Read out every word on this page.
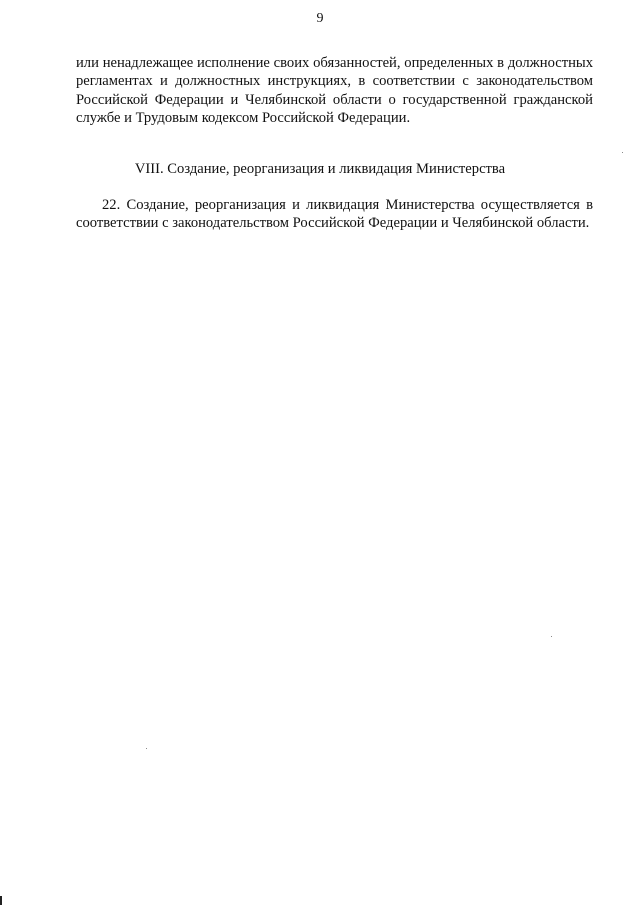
9

или ненадлежащее исполнение своих обязанностей, определенных в должностных регламентах и должностных инструкциях, в соответствии с законодательством Российской Федерации и Челябинской области о государственной гражданской службе и Трудовым кодексом Российской Федерации.

VIII. Создание, реорганизация и ликвидация Министерства

22. Создание, реорганизация и ликвидация Министерства осуществляется в соответствии с законодательством Российской Федерации и Челябинской области.
